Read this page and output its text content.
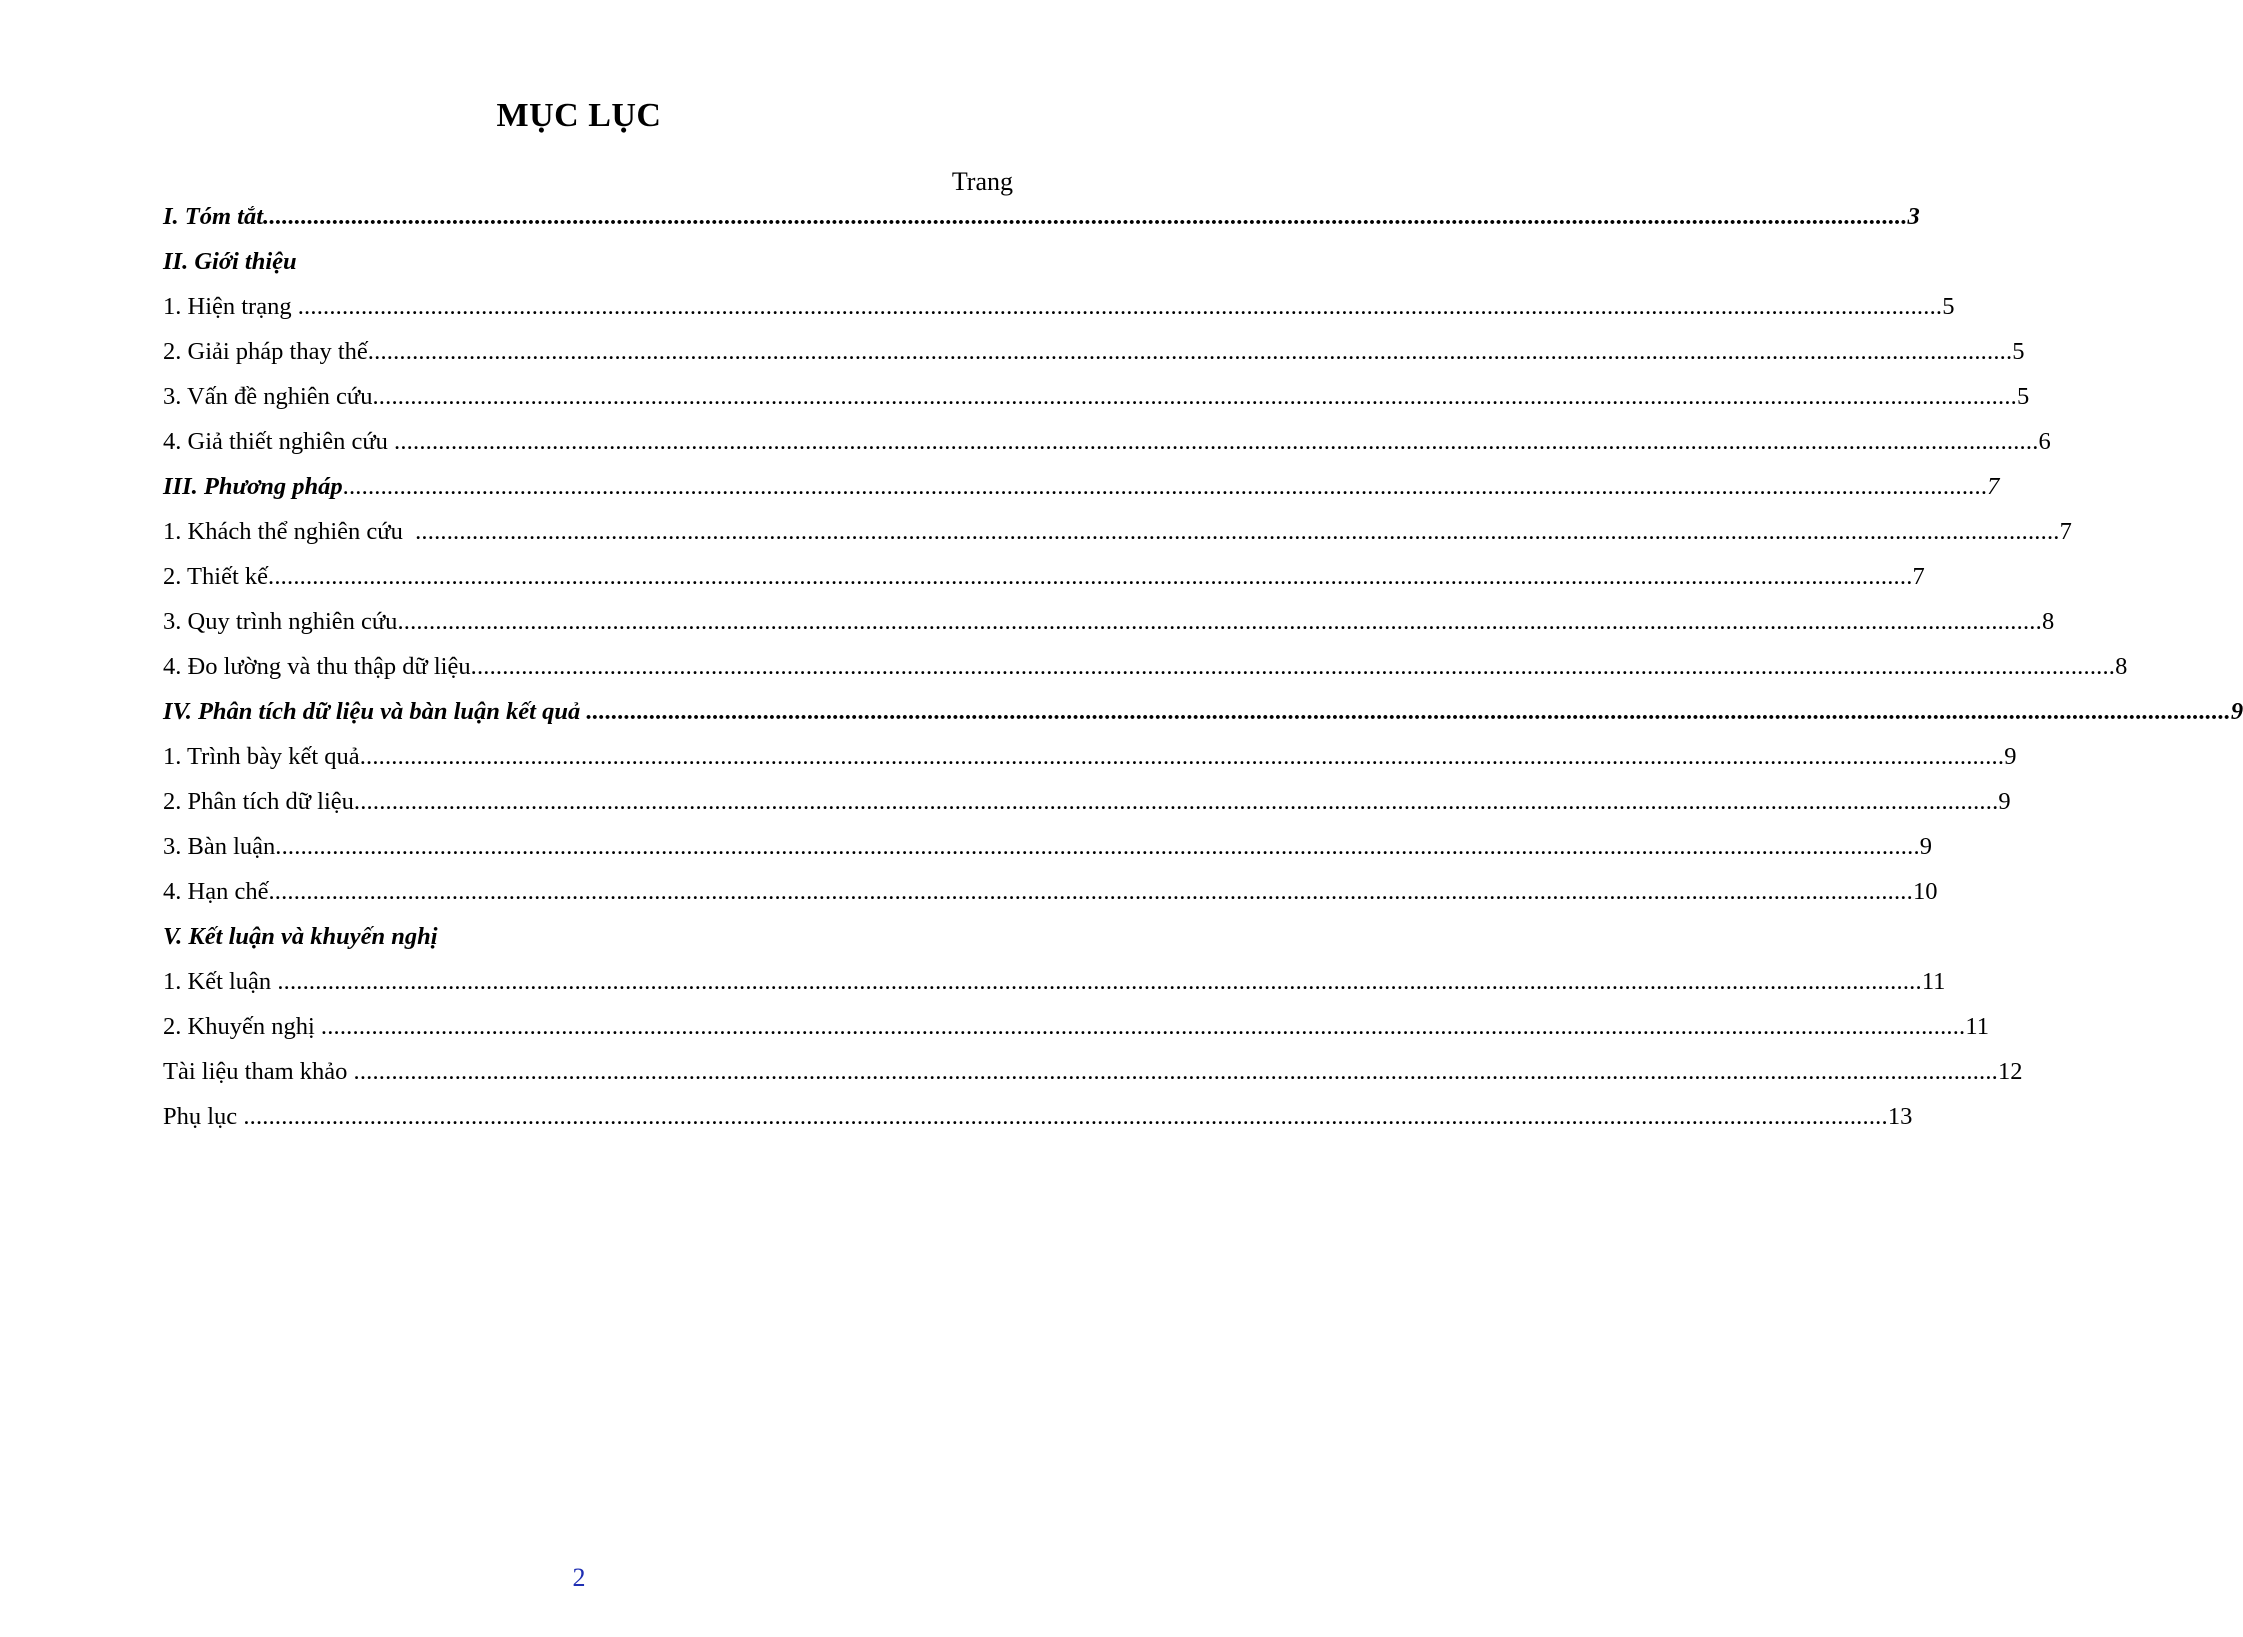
MỤC LỤC
Trang
I. Tóm tắt .................................................................................................................................................................................................................................................................... 3
II. Giới thiệu
1. Hiện trạng .................................................................................................................................................................................................................................................................... 5
2. Giải pháp thay thế .................................................................................................................................................................................................................................................................... 5
3. Vấn đề nghiên cứu .................................................................................................................................................................................................................................................................... 5
4. Giả thiết nghiên cứu .................................................................................................................................................................................................................................................................... 6
III. Phương pháp .................................................................................................................................................................................................................................................................... 7
1. Khách thể nghiên cứu .................................................................................................................................................................................................................................................................... 7
2. Thiết kế .................................................................................................................................................................................................................................................................... 7
3. Quy trình nghiên cứu .................................................................................................................................................................................................................................................................... 8
4. Đo lường và thu thập dữ liệu .................................................................................................................................................................................................................................................................... 8
IV. Phân tích dữ liệu và bàn luận kết quả .................................................................................................................................................................................................................................................................... 9
1. Trình bày kết quả .................................................................................................................................................................................................................................................................... 9
2. Phân tích dữ liệu .................................................................................................................................................................................................................................................................... 9
3. Bàn luận .................................................................................................................................................................................................................................................................... 9
4. Hạn chế .................................................................................................................................................................................................................................................................... 10
V. Kết luận và khuyến nghị
1. Kết luận .................................................................................................................................................................................................................................................................... 11
2. Khuyến nghị .................................................................................................................................................................................................................................................................... 11
Tài liệu tham khảo .................................................................................................................................................................................................................................................................... 12
Phụ lục .................................................................................................................................................................................................................................................................... 13
2
